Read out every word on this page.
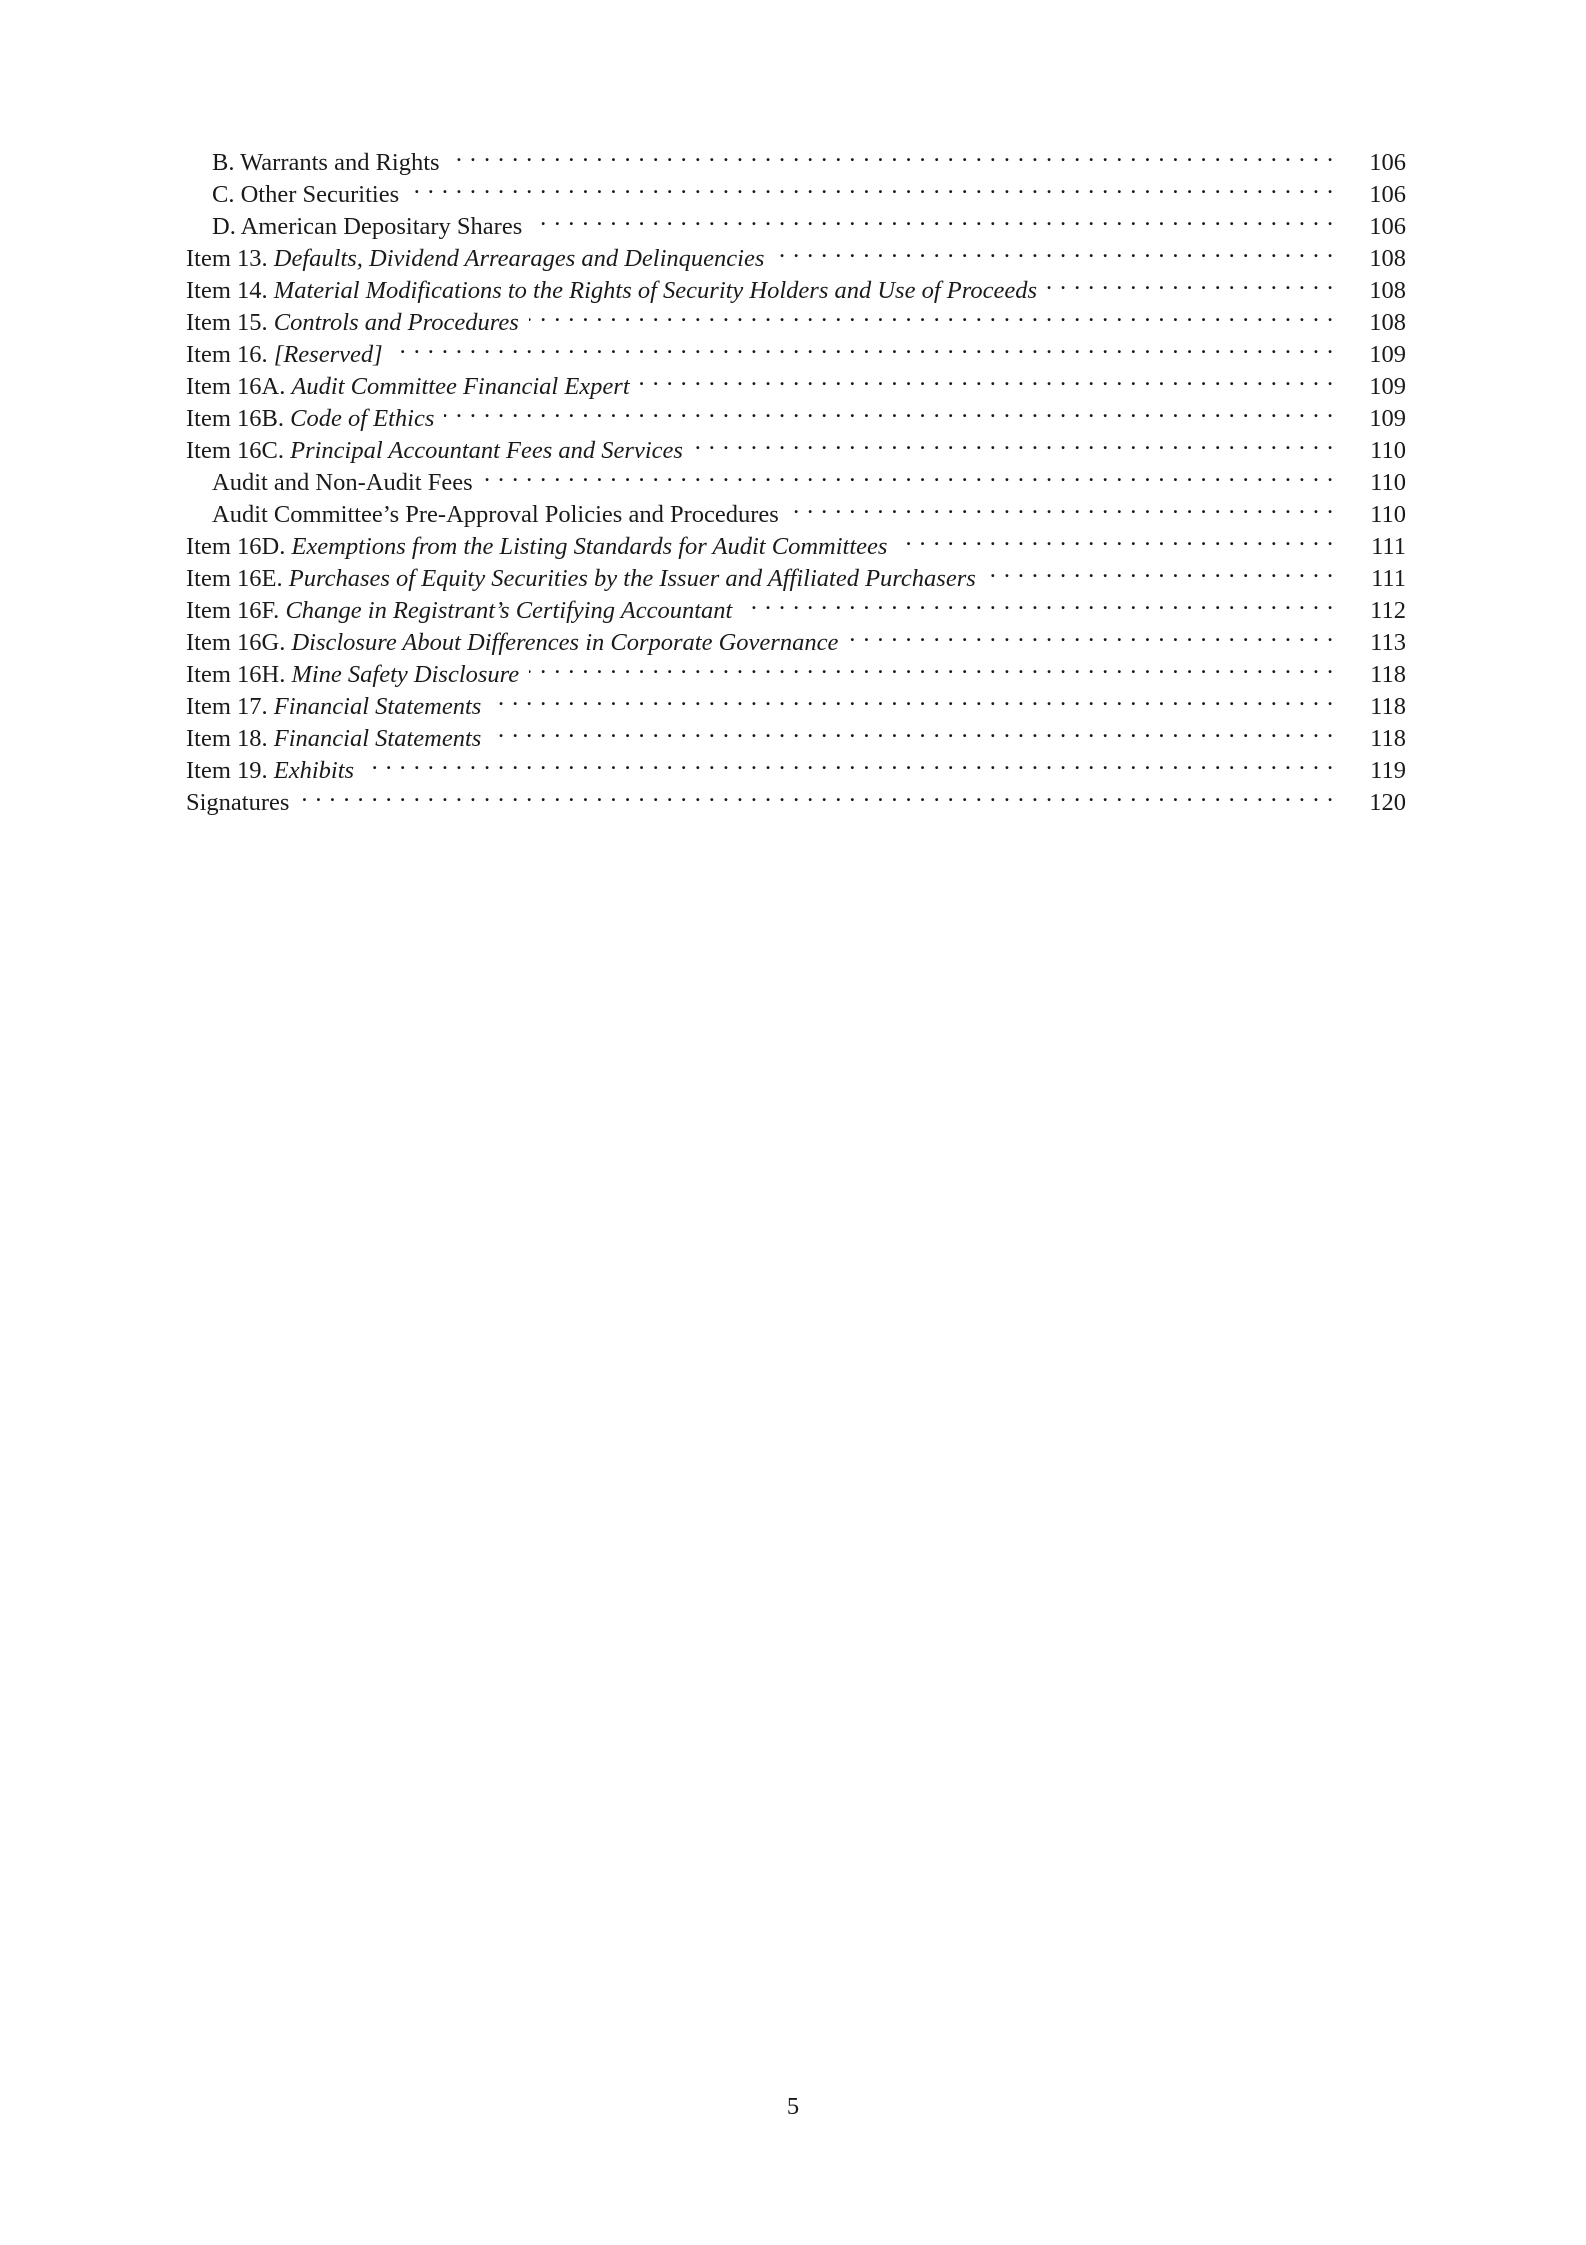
B. Warrants and Rights . . .	106
C. Other Securities . . .	106
D. American Depositary Shares . . .	106
Item 13. Defaults, Dividend Arrearages and Delinquencies . . .	108
Item 14. Material Modifications to the Rights of Security Holders and Use of Proceeds . . .	108
Item 15. Controls and Procedures . . .	108
Item 16. [Reserved] . . .	109
Item 16A. Audit Committee Financial Expert . . .	109
Item 16B. Code of Ethics . . .	109
Item 16C. Principal Accountant Fees and Services . . .	110
Audit and Non-Audit Fees . . .	110
Audit Committee’s Pre-Approval Policies and Procedures . . .	110
Item 16D. Exemptions from the Listing Standards for Audit Committees . . .	111
Item 16E. Purchases of Equity Securities by the Issuer and Affiliated Purchasers . . .	111
Item 16F. Change in Registrant’s Certifying Accountant . . .	112
Item 16G. Disclosure About Differences in Corporate Governance . . .	113
Item 16H. Mine Safety Disclosure . . .	118
Item 17. Financial Statements . . .	118
Item 18. Financial Statements . . .	118
Item 19. Exhibits . . .	119
Signatures . . .	120
5
